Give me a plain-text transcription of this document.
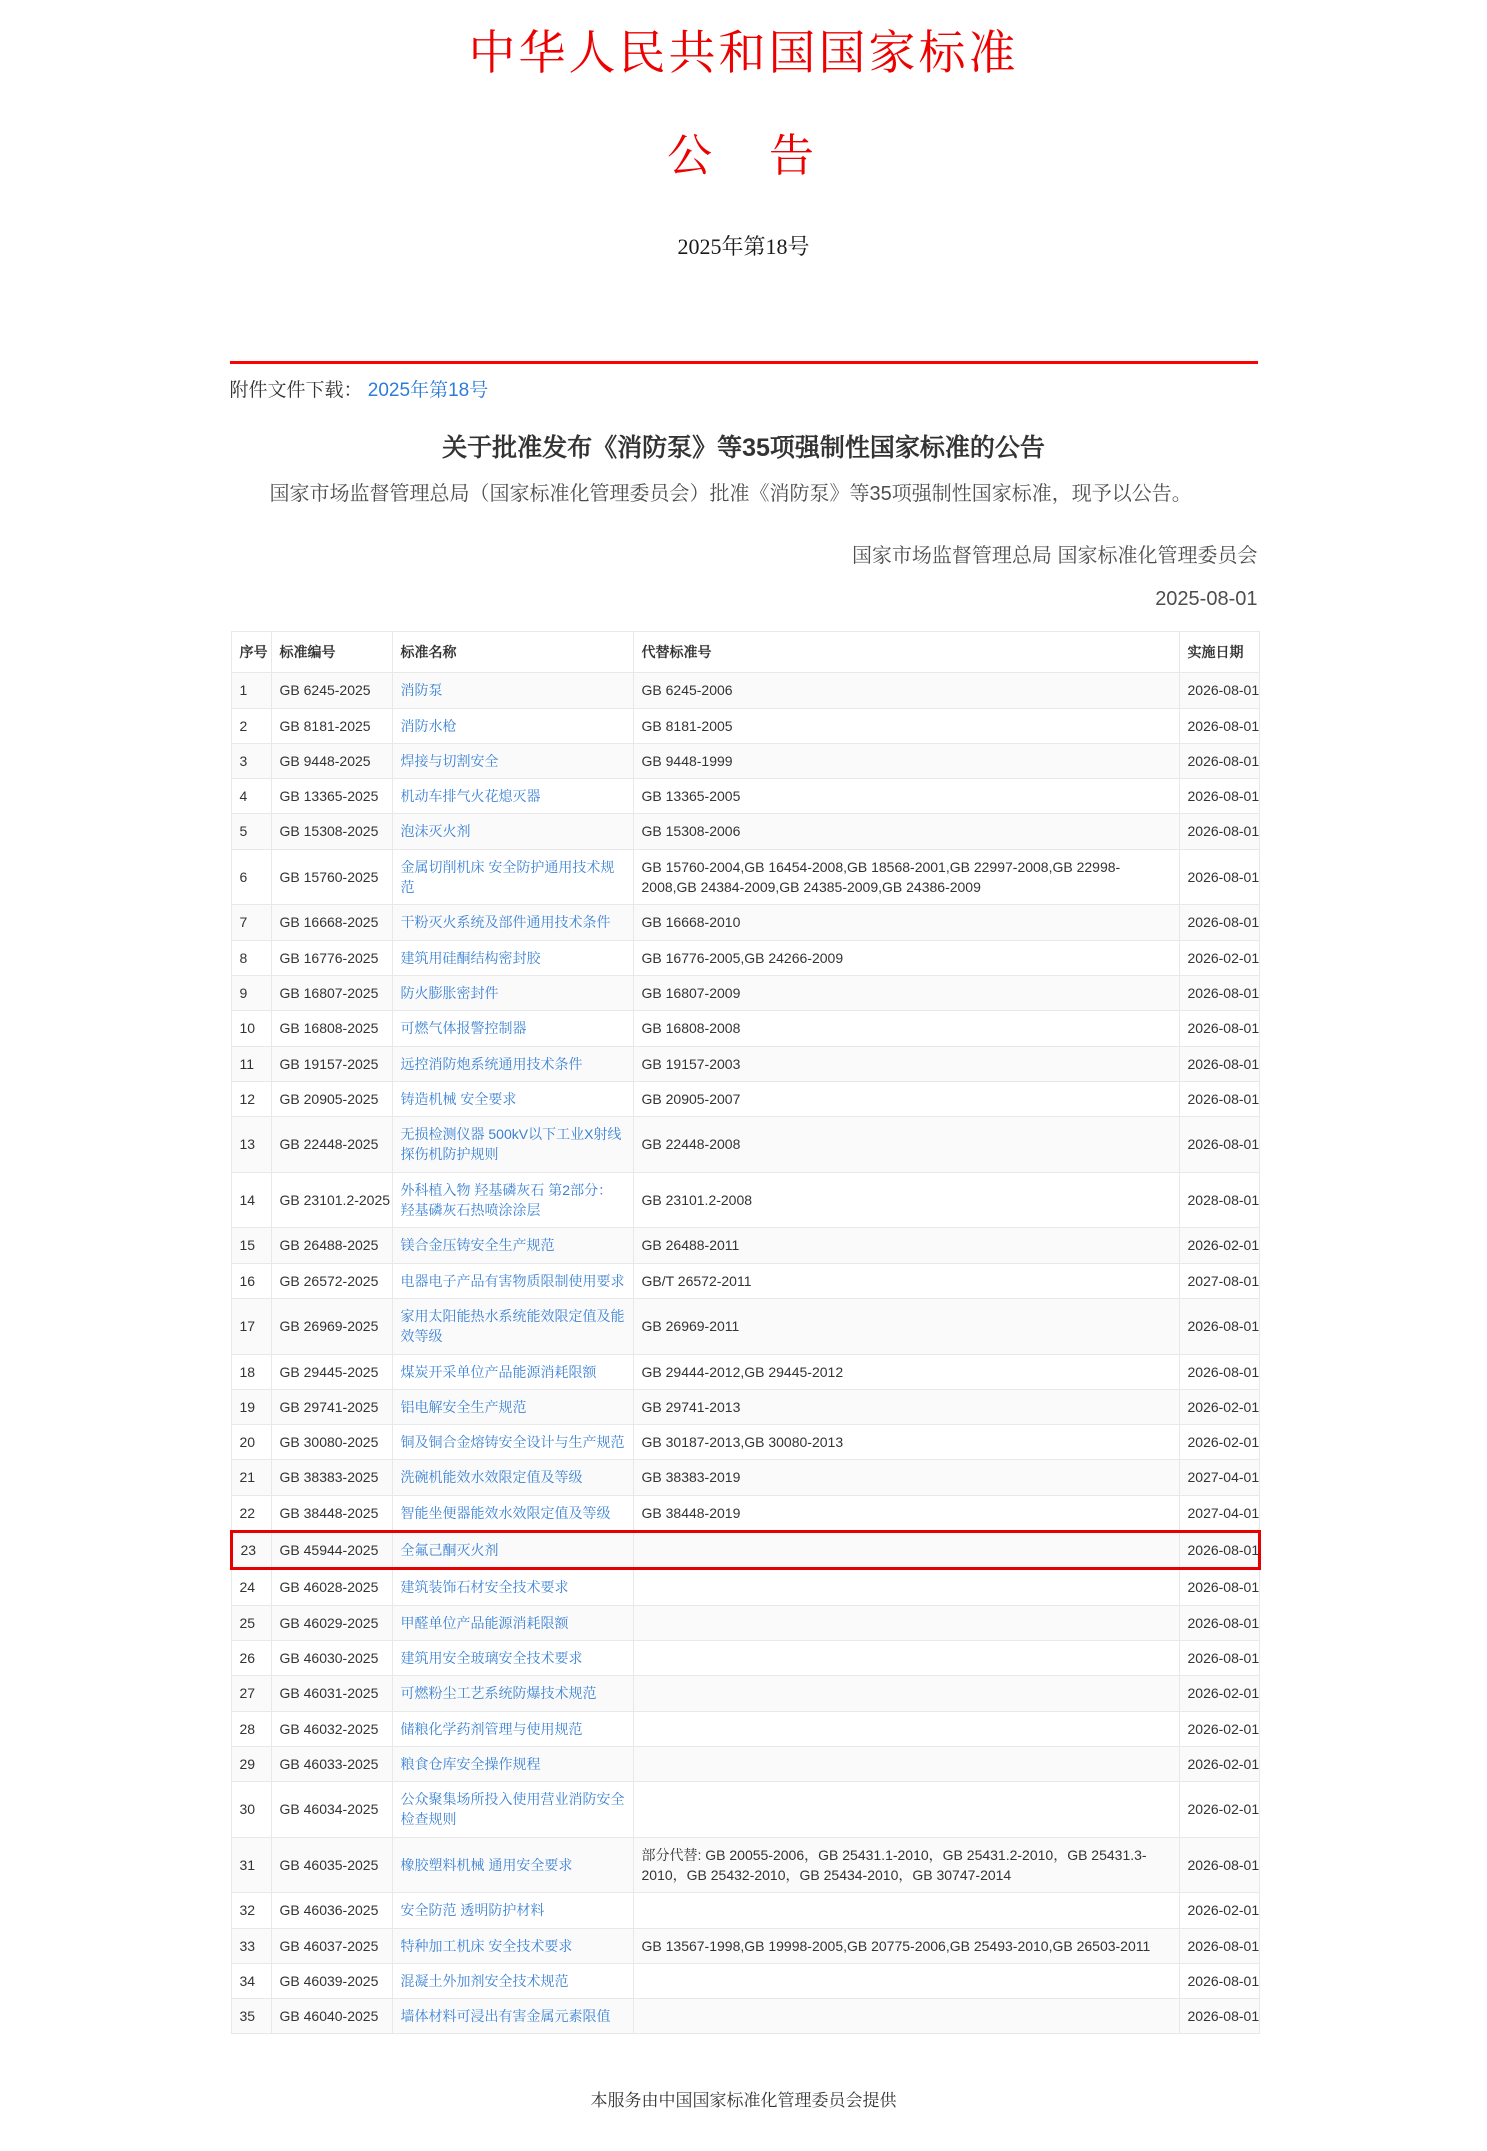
中华人民共和国国家标准
公　告
2025年第18号
附件文件下载： 2025年第18号
关于批准发布《消防泵》等35项强制性国家标准的公告

国家市场监督管理总局（国家标准化管理委员会）批准《消防泵》等35项强制性国家标准，现予以公告。

国家市场监督管理总局 国家标准化管理委员会
2025-08-01
序号	标准编号	标准名称	代替标准号	实施日期
1	GB 6245-2025	消防泵	GB 6245-2006	2026-08-01
2	GB 8181-2025	消防水枪	GB 8181-2005	2026-08-01
3	GB 9448-2025	焊接与切割安全	GB 9448-1999	2026-08-01
4	GB 13365-2025	机动车排气火花熄灭器	GB 13365-2005	2026-08-01
5	GB 15308-2025	泡沫灭火剂	GB 15308-2006	2026-08-01
6	GB 15760-2025	金属切削机床 安全防护通用技术规范	GB 15760-2004,GB 16454-2008,GB 18568-2001,GB 22997-2008,GB 22998-2008,GB 24384-2009,GB 24385-2009,GB 24386-2009	2026-08-01
7	GB 16668-2025	干粉灭火系统及部件通用技术条件	GB 16668-2010	2026-08-01
8	GB 16776-2025	建筑用硅酮结构密封胶	GB 16776-2005,GB 24266-2009	2026-02-01
9	GB 16807-2025	防火膨胀密封件	GB 16807-2009	2026-08-01
10	GB 16808-2025	可燃气体报警控制器	GB 16808-2008	2026-08-01
11	GB 19157-2025	远控消防炮系统通用技术条件	GB 19157-2003	2026-08-01
12	GB 20905-2025	铸造机械 安全要求	GB 20905-2007	2026-08-01
13	GB 22448-2025	无损检测仪器 500kV以下工业X射线探伤机防护规则	GB 22448-2008	2026-08-01
14	GB 23101.2-2025	外科植入物 羟基磷灰石 第2部分：羟基磷灰石热喷涂涂层	GB 23101.2-2008	2028-08-01
15	GB 26488-2025	镁合金压铸安全生产规范	GB 26488-2011	2026-02-01
16	GB 26572-2025	电器电子产品有害物质限制使用要求	GB/T 26572-2011	2027-08-01
17	GB 26969-2025	家用太阳能热水系统能效限定值及能效等级	GB 26969-2011	2026-08-01
18	GB 29445-2025	煤炭开采单位产品能源消耗限额	GB 29444-2012,GB 29445-2012	2026-08-01
19	GB 29741-2025	铝电解安全生产规范	GB 29741-2013	2026-02-01
20	GB 30080-2025	铜及铜合金熔铸安全设计与生产规范	GB 30187-2013,GB 30080-2013	2026-02-01
21	GB 38383-2025	洗碗机能效水效限定值及等级	GB 38383-2019	2027-04-01
22	GB 38448-2025	智能坐便器能效水效限定值及等级	GB 38448-2019	2027-04-01
23	GB 45944-2025	全氟己酮灭火剂		2026-08-01
24	GB 46028-2025	建筑装饰石材安全技术要求		2026-08-01
25	GB 46029-2025	甲醛单位产品能源消耗限额		2026-08-01
26	GB 46030-2025	建筑用安全玻璃安全技术要求		2026-08-01
27	GB 46031-2025	可燃粉尘工艺系统防爆技术规范		2026-02-01
28	GB 46032-2025	储粮化学药剂管理与使用规范		2026-02-01
29	GB 46033-2025	粮食仓库安全操作规程		2026-02-01
30	GB 46034-2025	公众聚集场所投入使用营业消防安全检查规则		2026-02-01
31	GB 46035-2025	橡胶塑料机械 通用安全要求	部分代替: GB 20055-2006，GB 25431.1-2010，GB 25431.2-2010，GB 25431.3-2010，GB 25432-2010，GB 25434-2010，GB 30747-2014	2026-08-01
32	GB 46036-2025	安全防范 透明防护材料		2026-02-01
33	GB 46037-2025	特种加工机床 安全技术要求	GB 13567-1998,GB 19998-2005,GB 20775-2006,GB 25493-2010,GB 26503-2011	2026-08-01
34	GB 46039-2025	混凝土外加剂安全技术规范		2026-08-01
35	GB 46040-2025	墙体材料可浸出有害金属元素限值		2026-08-01
本服务由中国国家标准化管理委员会提供
